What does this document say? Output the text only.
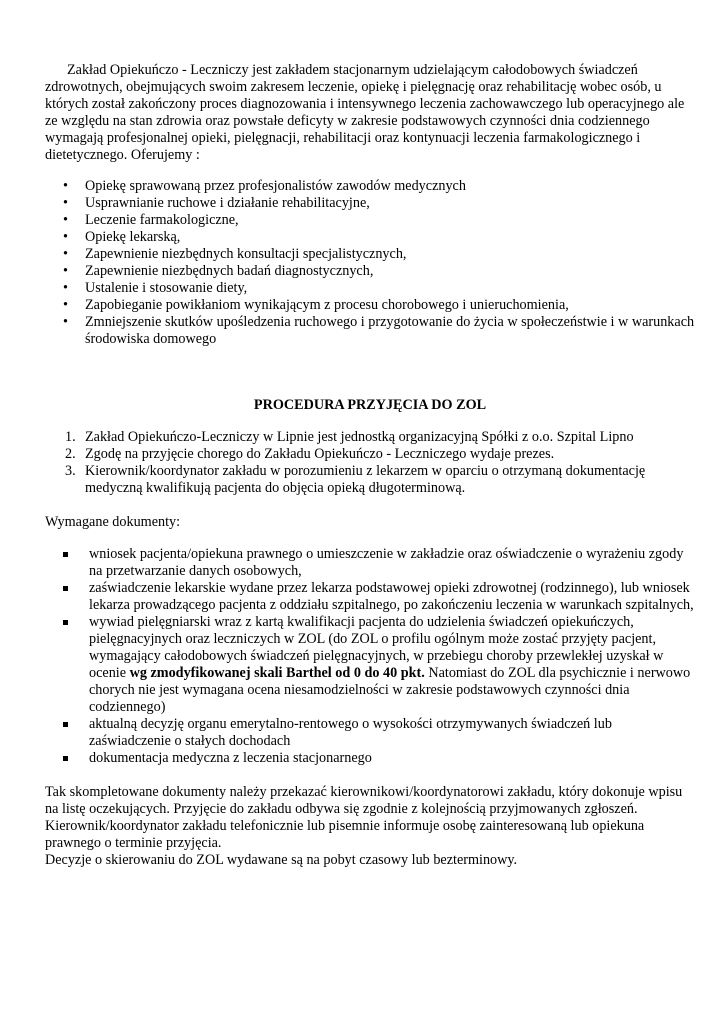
Zakład Opiekuńczo - Leczniczy jest zakładem stacjonarnym udzielającym całodobowych świadczeń zdrowotnych, obejmujących swoim zakresem leczenie, opiekę i pielęgnację oraz rehabilitację wobec osób, u których został zakończony proces diagnozowania i intensywnego leczenia zachowawczego lub operacyjnego ale ze względu na stan zdrowia oraz powstałe deficyty w zakresie podstawowych czynności dnia codziennego wymagają profesjonalnej opieki, pielęgnacji, rehabilitacji oraz kontynuacji leczenia farmakologicznego i dietetycznego. Oferujemy :

• Opiekę sprawowaną przez profesjonalistów zawodów medycznych
• Usprawnianie ruchowe i działanie rehabilitacyjne,
• Leczenie farmakologiczne,
• Opiekę lekarską,
• Zapewnienie niezbędnych konsultacji specjalistycznych,
• Zapewnienie niezbędnych badań diagnostycznych,
• Ustalenie i stosowanie diety,
• Zapobieganie powikłaniom wynikającym z procesu chorobowego i unieruchomienia,
• Zmniejszenie skutków upośledzenia ruchowego i przygotowanie do życia w społeczeństwie i w warunkach środowiska domowego

PROCEDURA PRZYJĘCIA DO ZOL

1. Zakład Opiekuńczo-Leczniczy w Lipnie jest jednostką organizacyjną Spółki z o.o. Szpital Lipno
2. Zgodę na przyjęcie chorego do Zakładu Opiekuńczo - Leczniczego wydaje prezes.
3. Kierownik/koordynator zakładu w porozumieniu z lekarzem w oparciu o otrzymaną dokumentację medyczną kwalifikują pacjenta do objęcia opieką długoterminową.

Wymagane dokumenty:

wniosek pacjenta/opiekuna prawnego o umieszczenie w zakładzie oraz oświadczenie o wyrażeniu zgody na przetwarzanie danych osobowych,
zaświadczenie lekarskie wydane przez lekarza podstawowej opieki zdrowotnej (rodzinnego), lub wniosek lekarza prowadzącego pacjenta z oddziału szpitalnego, po zakończeniu leczenia w warunkach szpitalnych,
wywiad pielęgniarski wraz z kartą kwalifikacji pacjenta do udzielenia świadczeń opiekuńczych, pielęgnacyjnych oraz leczniczych w ZOL (do ZOL o profilu ogólnym może zostać przyjęty pacjent, wymagający całodobowych świadczeń pielęgnacyjnych, w przebiegu choroby przewlekłej uzyskał w ocenie wg zmodyfikowanej skali Barthel od 0 do 40 pkt. Natomiast do ZOL dla psychicznie i nerwowo chorych nie jest wymagana ocena niesamodzielności w zakresie podstawowych czynności dnia codziennego)
aktualną decyzję organu emerytalno-rentowego o wysokości otrzymywanych świadczeń lub zaświadczenie o stałych dochodach
dokumentacja medyczna z leczenia stacjonarnego

Tak skompletowane dokumenty należy przekazać kierownikowi/koordynatorowi zakładu, który dokonuje wpisu na listę oczekujących. Przyjęcie do zakładu odbywa się zgodnie z kolejnością przyjmowanych zgłoszeń. Kierownik/koordynator zakładu telefonicznie lub pisemnie informuje osobę zainteresowaną lub opiekuna prawnego o terminie przyjęcia.

Decyzje o skierowaniu do ZOL wydawane są na pobyt czasowy lub bezterminowy.
